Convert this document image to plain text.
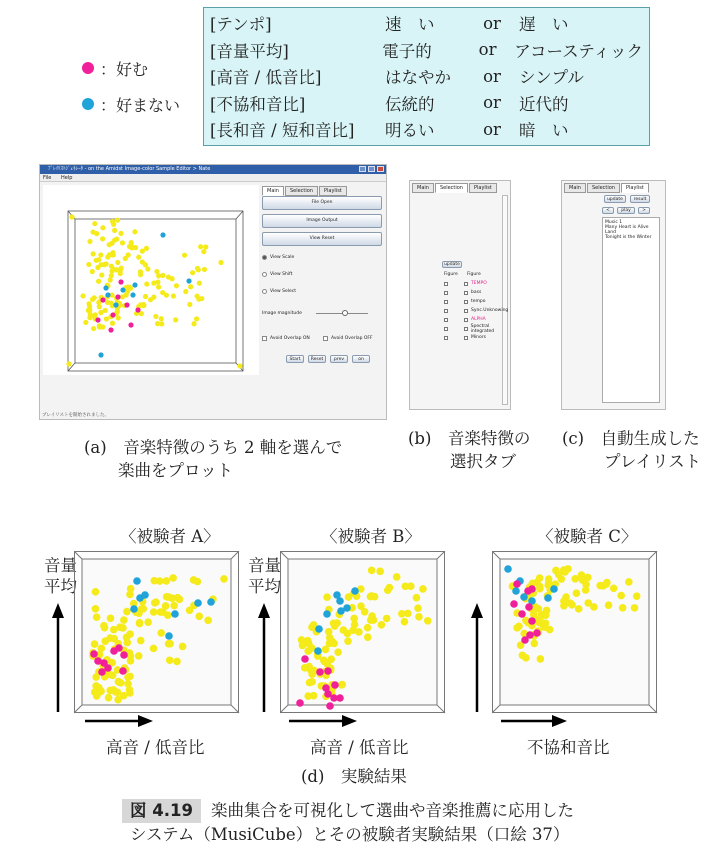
：好む
：好まない
[テンポ]	速　い	or	遅　い
[音量平均]	電子的	or	アコースティック
[高音 / 低音比]	はなやか	or	シンプル
[不協和音比]	伝統的	or	近代的
[長和音 / 短和音比]	明るい	or	暗　い
ﾌﾟﾚｲﾘｽﾄｼﾞｪﾈﾚｰﾀ - on the Amidst Image-color Sample Editor > Nate
File Help
Main	Selection	Playlist
File Open
Image Output
View Reset
View Scale
View Shift
View Select
Image magnitude
Avoid Overlap ON	Avoid Overlap OFF
Start	Reset	prev	on
プレイリストを開始されました。
Main	Selection	Playlist
update
Figure Figure
TEMPO
bass
tempo
Sync.Unknowing
ALPHA
Spectral integrated
Minors
Main	Selection	Playlist
update	result
<	play	>
Music 1
Many Heart is Alive Land
Tonight is the Winter
(a)　音楽特徴のうち 2 軸を選んで
楽曲をプロット
(b)　音楽特徴の
選択タブ
(c)　自動生成した
プレイリスト
〈被験者 A〉	〈被験者 B〉	〈被験者 C〉
音量
平均
音量
平均
高音 / 低音比	高音 / 低音比	不協和音比
(d)　実験結果
図 4.19 楽曲集合を可視化して選曲や音楽推薦に応用した
システム（MusiCube）とその被験者実験結果（口絵 37）
